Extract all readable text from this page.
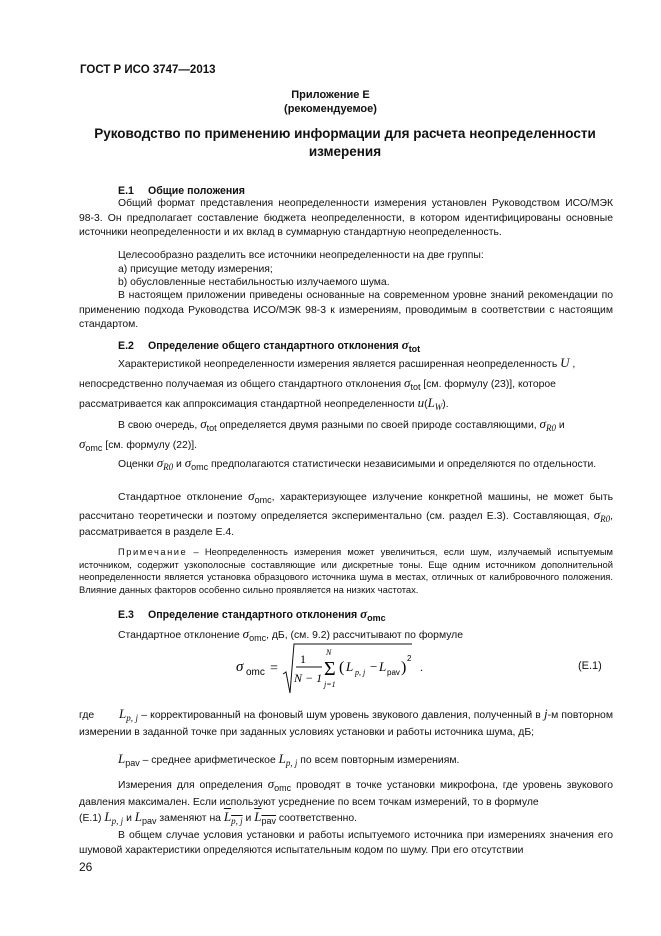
ГОСТ Р ИСО 3747—2013
Приложение Е
(рекомендуемое)
Руководство по применению информации для расчета неопределенности измерения
Е.1 Общие положения
Общий формат представления неопределенности измерения установлен Руководством ИСО/МЭК 98-3. Он предполагает составление бюджета неопределенности, в котором идентифицированы основные источники неопределенности и их вклад в суммарную стандартную неопределенность.
Целесообразно разделить все источники неопределенности на две группы:
a) присущие методу измерения;
b) обусловленные нестабильностью излучаемого шума.
В настоящем приложении приведены основанные на современном уровне знаний рекомендации по применению подхода Руководства ИСО/МЭК 98-3 к измерениям, проводимым в соответствии с настоящим стандартом.
Е.2 Определение общего стандартного отклонения $\sigma_{tot}$
Характеристикой неопределенности измерения является расширенная неопределенность U ,
непосредственно получаемая из общего стандартного отклонения σtot [см. формулу (23)], которое
рассматривается как аппроксимация стандартной неопределенности u(LW).
В свою очередь, σtot определяется двумя разными по своей природе составляющими, σR0 и
σomc [см. формулу (22)].
Оценки σR0 и σomc предполагаются статистически независимыми и определяются по отдельности.
Стандартное отклонение σomc, характеризующее излучение конкретной машины, не может быть рассчитано теоретически и поэтому определяется экспериментально (см. раздел Е.3). Составляющая, σR0, рассматривается в разделе Е.4.
Примечание – Неопределенность измерения может увеличиться, если шум, излучаемый испытуемым источником, содержит узкополосные составляющие или дискретные тоны. Еще одним источником дополнительной неопределенности является установка образцового источника шума в местах, отличных от калибровочного положения. Влияние данных факторов особенно сильно проявляется на низких частотах.
Е.3 Определение стандартного отклонения $\sigma_{omc}$
Стандартное отклонение σomc, дБ, (см. 9.2) рассчитывают по формуле
σ omc =
1
N − 1
N
Σ
j=1
( L p, j − L pav )
2
.	(Е.1)
где Lp, j – корректированный на фоновый шум уровень звукового давления, полученный в j-м повторном измерении в заданной точке при заданных условиях установки и работы источника шума, дБ;
Lpav – среднее арифметическое Lp, j по всем повторным измерениям.
Измерения для определения σomc проводят в точке установки микрофона, где уровень звукового давления максимален. Если используют усреднение по всем точкам измерений, то в формуле
(Е.1) Lp, j и Lpav заменяют на Lp, j и Lpav соответственно.
В общем случае условия установки и работы испытуемого источника при измерениях значения его шумовой характеристики определяются испытательным кодом по шуму. При его отсутствии
26
